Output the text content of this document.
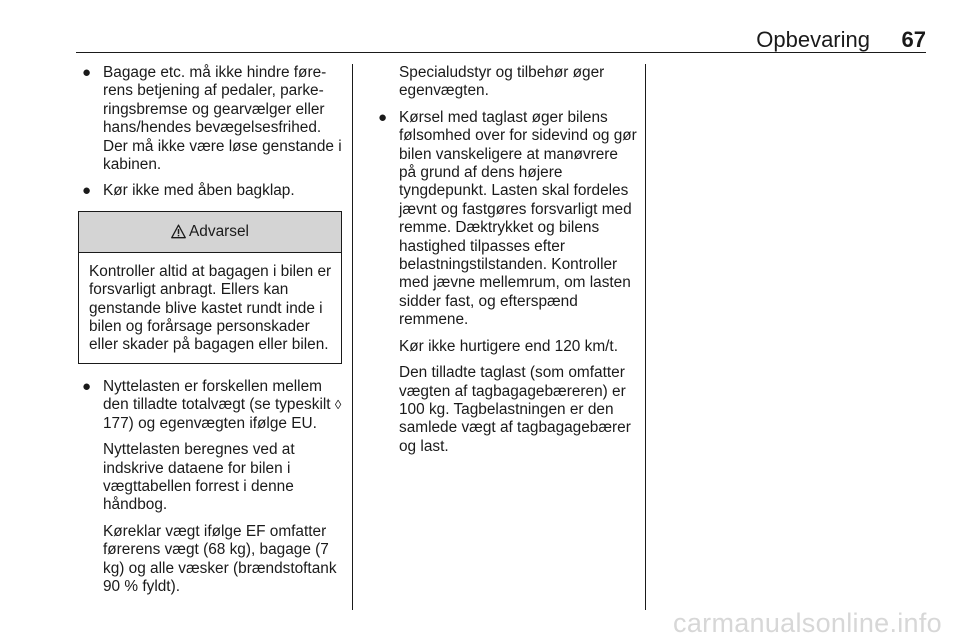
Opbevaring	67
● Bagage etc. må ikke hindre førerens betjening af pedaler, parkeringsbremse og gearvælger eller hans/hendes bevægelsesfrihed. Der må ikke være løse genstande i kabinen.
● Kør ikke med åben bagklap.
Advarsel
Kontroller altid at bagagen i bilen er forsvarligt anbragt. Ellers kan genstande blive kastet rundt inde i bilen og forårsage personskader eller skader på bagagen eller bilen.
● Nyttelasten er forskellen mellem den tilladte totalvægt (se typeskilt ◊ 177) og egenvægten ifølge EU.
Nyttelasten beregnes ved at indskrive dataene for bilen i vægttabellen forrest i denne håndbog.
Køreklar vægt ifølge EF omfatter førerens vægt (68 kg), bagage (7 kg) og alle væsker (brændstoftank 90 % fyldt).
Specialudstyr og tilbehør øger egenvægten.
● Kørsel med taglast øger bilens følsomhed over for sidevind og gør bilen vanskeligere at manøvrere på grund af dens højere tyngdepunkt. Lasten skal fordeles jævnt og fastgøres forsvarligt med remme. Dæktrykket og bilens hastighed tilpasses efter belastningstilstanden. Kontroller med jævne mellemrum, om lasten sidder fast, og efterspænd remmene.
Kør ikke hurtigere end 120 km/t.
Den tilladte taglast (som omfatter vægten af tagbagagebæreren) er 100 kg. Tagbelastningen er den samlede vægt af tagbagagebærer og last.
carmanualsonline.info
